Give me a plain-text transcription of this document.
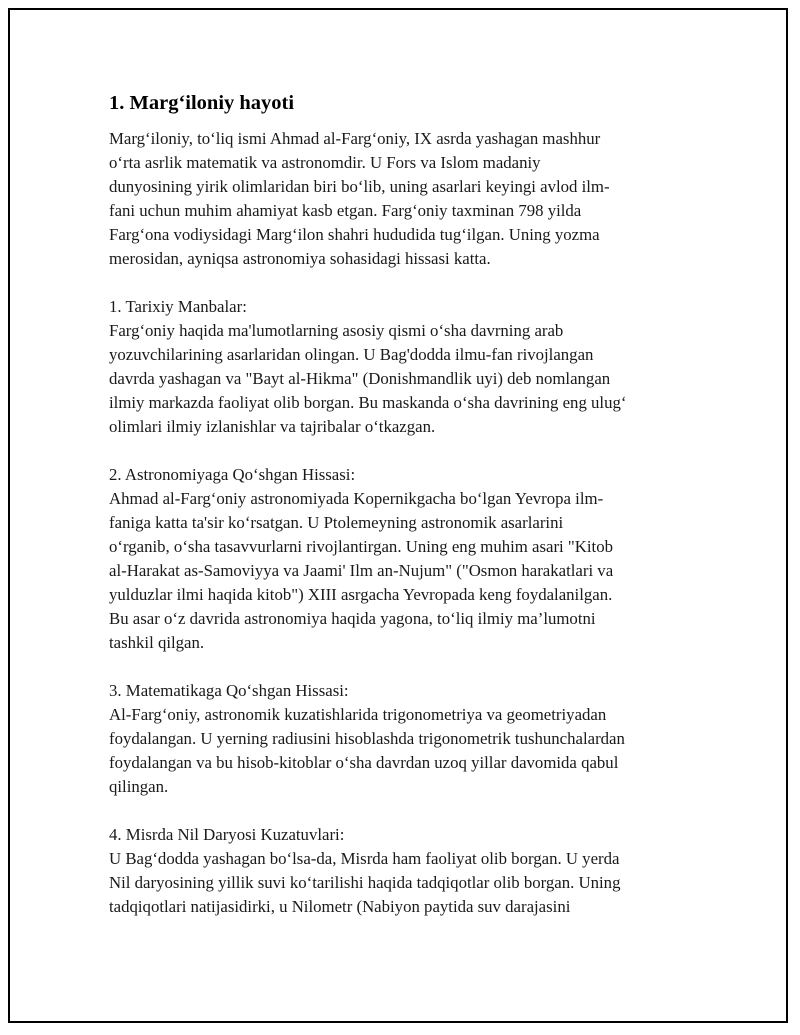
1. Marg‘iloniy hayoti

Marg‘iloniy, to‘liq ismi Ahmad al-Farg‘oniy, IX asrda yashagan mashhur
o‘rta asrlik matematik va astronomdir. U Fors va Islom madaniy
dunyosining yirik olimlaridan biri bo‘lib, uning asarlari keyingi avlod ilm-
fani uchun muhim ahamiyat kasb etgan. Farg‘oniy taxminan 798 yilda
Farg‘ona vodiysidagi Marg‘ilon shahri hududida tug‘ilgan. Uning yozma
merosidan, ayniqsa astronomiya sohasidagi hissasi katta.

1. Tarixiy Manbalar:

Farg‘oniy haqida ma'lumotlarning asosiy qismi o‘sha davrning arab
yozuvchilarining asarlaridan olingan. U Bag'dodda ilmu-fan rivojlangan
davrda yashagan va "Bayt al-Hikma" (Donishmandlik uyi) deb nomlangan
ilmiy markazda faoliyat olib borgan. Bu maskanda o‘sha davrining eng ulug‘
olimlari ilmiy izlanishlar va tajribalar o‘tkazgan.

2. Astronomiyaga Qo‘shgan Hissasi:

Ahmad al-Farg‘oniy astronomiyada Kopernikgacha bo‘lgan Yevropa ilm-
faniga katta ta'sir ko‘rsatgan. U Ptolemeyning astronomik asarlarini
o‘rganib, o‘sha tasavvurlarni rivojlantirgan. Uning eng muhim asari "Kitob
al-Harakat as-Samoviyya va Jaami' Ilm an-Nujum" ("Osmon harakatlari va
yulduzlar ilmi haqida kitob") XIII asrgacha Yevropada keng foydalanilgan.
Bu asar o‘z davrida astronomiya haqida yagona, to‘liq ilmiy ma’lumotni
tashkil qilgan.

3. Matematikaga Qo‘shgan Hissasi:

Al-Farg‘oniy, astronomik kuzatishlarida trigonometriya va geometriyadan
foydalangan. U yerning radiusini hisoblashda trigonometrik tushunchalardan
foydalangan va bu hisob-kitoblar o‘sha davrdan uzoq yillar davomida qabul
qilingan.

4. Misrda Nil Daryosi Kuzatuvlari:

U Bag‘dodda yashagan bo‘lsa-da, Misrda ham faoliyat olib borgan. U yerda
Nil daryosining yillik suvi ko‘tarilishi haqida tadqiqotlar olib borgan. Uning
tadqiqotlari natijasidirki, u Nilometr (Nabiyon paytida suv darajasini
